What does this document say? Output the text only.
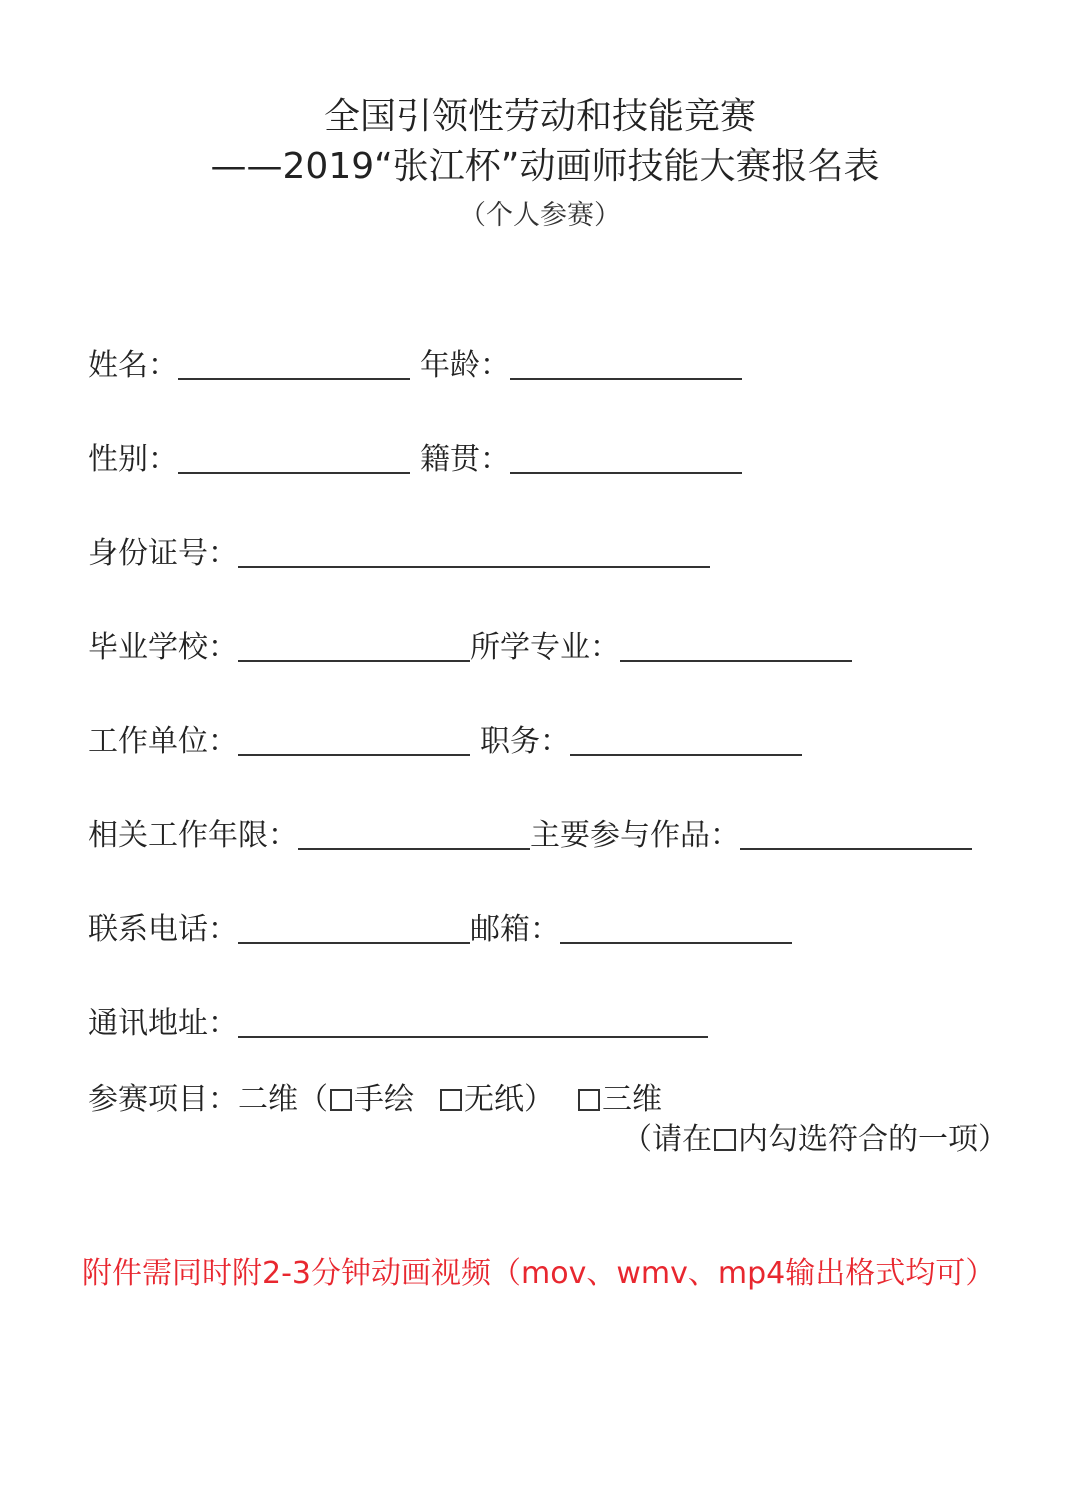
全国引领性劳动和技能竞赛
——2019“张江杯”动画师技能大赛报名表
（个人参赛）
姓名：	年龄：
性别：	籍贯：
身份证号：
毕业学校：	所学专业：
工作单位：	职务：
相关工作年限：	主要参与作品：
联系电话：	邮箱：
通讯地址：
参赛项目：二维（ 手绘 无纸） 三维
（请在 内勾选符合的一项）
附件需同时附2-3分钟动画视频（mov、wmv、mp4输出格式均可）
